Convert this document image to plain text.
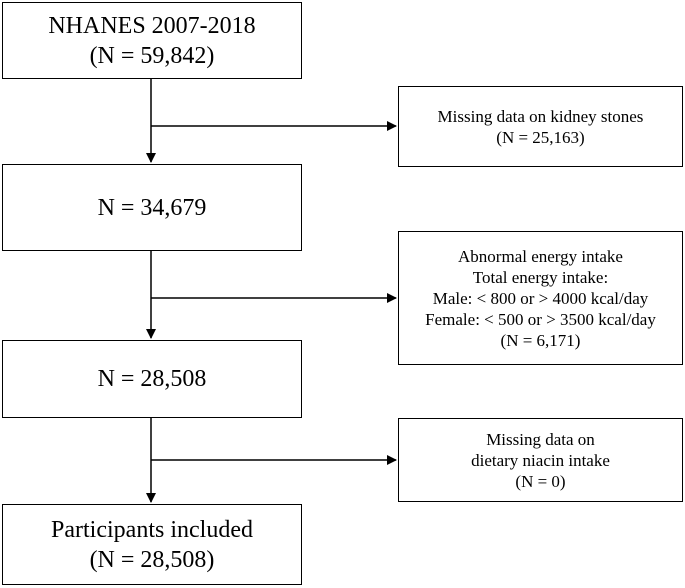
NHANES 2007-2018
(N = 59,842)
N = 34,679
N = 28,508
Participants included
(N = 28,508)
Missing data on kidney stones
(N = 25,163)
Abnormal energy intake
Total energy intake:
Male: < 800 or > 4000 kcal/day
Female: < 500 or > 3500 kcal/day
(N = 6,171)
Missing data on
dietary niacin intake
(N = 0)
